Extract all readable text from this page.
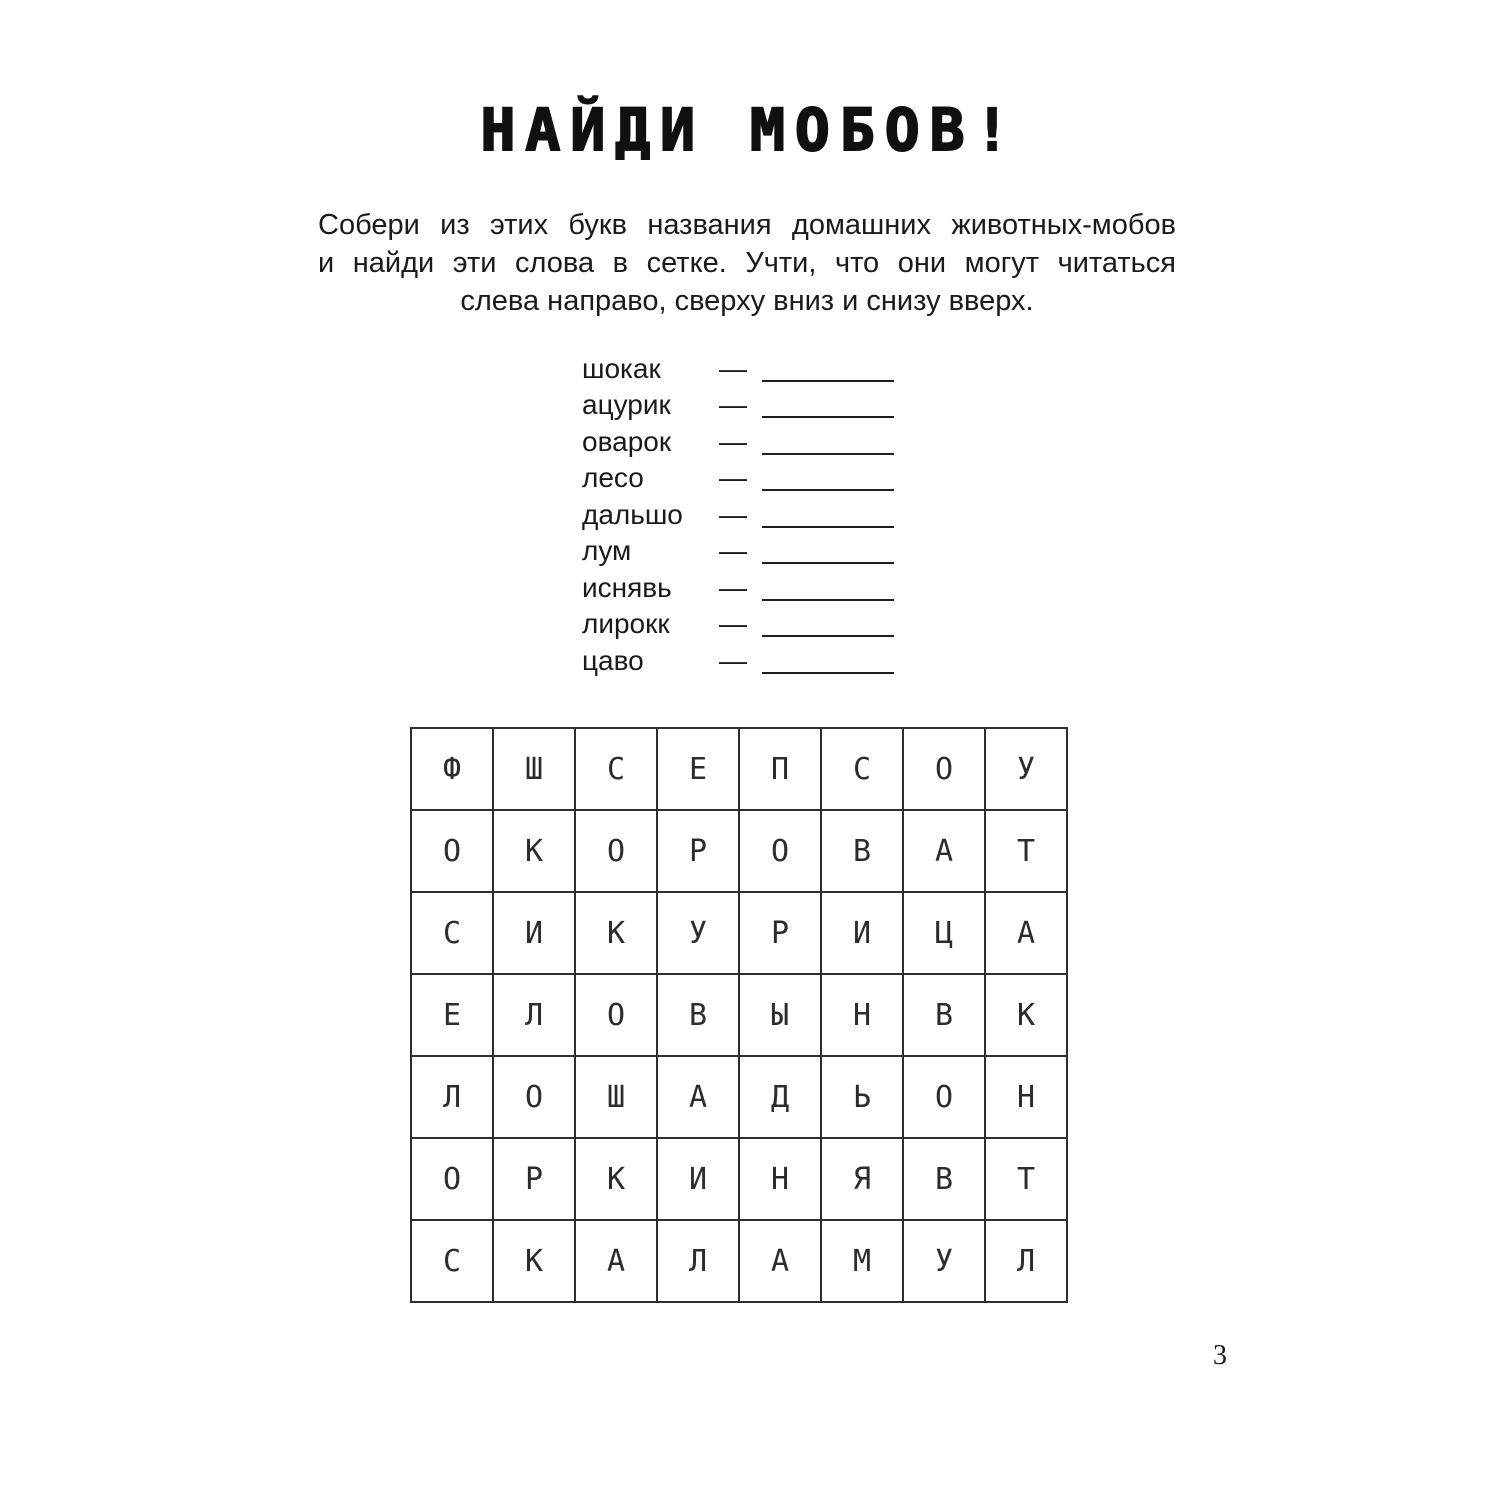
НАЙДИ МОБОВ!
Собери из этих букв названия домашних животных-мобов
и найди эти слова в сетке. Учти, что они могут читаться
слева направо, сверху вниз и снизу вверх.
шокак	—
ацурик	—
оварок	—
лесо	—
дальшо	—
лум	—
иснявь	—
лирокк	—
цаво	—
Ф	Ш	С	Е	П	С	О	У
О	К	О	Р	О	В	А	Т
С	И	К	У	Р	И	Ц	А
Е	Л	О	В	Ы	Н	В	К
Л	О	Ш	А	Д	Ь	О	Н
О	Р	К	И	Н	Я	В	Т
С	К	А	Л	А	М	У	Л
3
